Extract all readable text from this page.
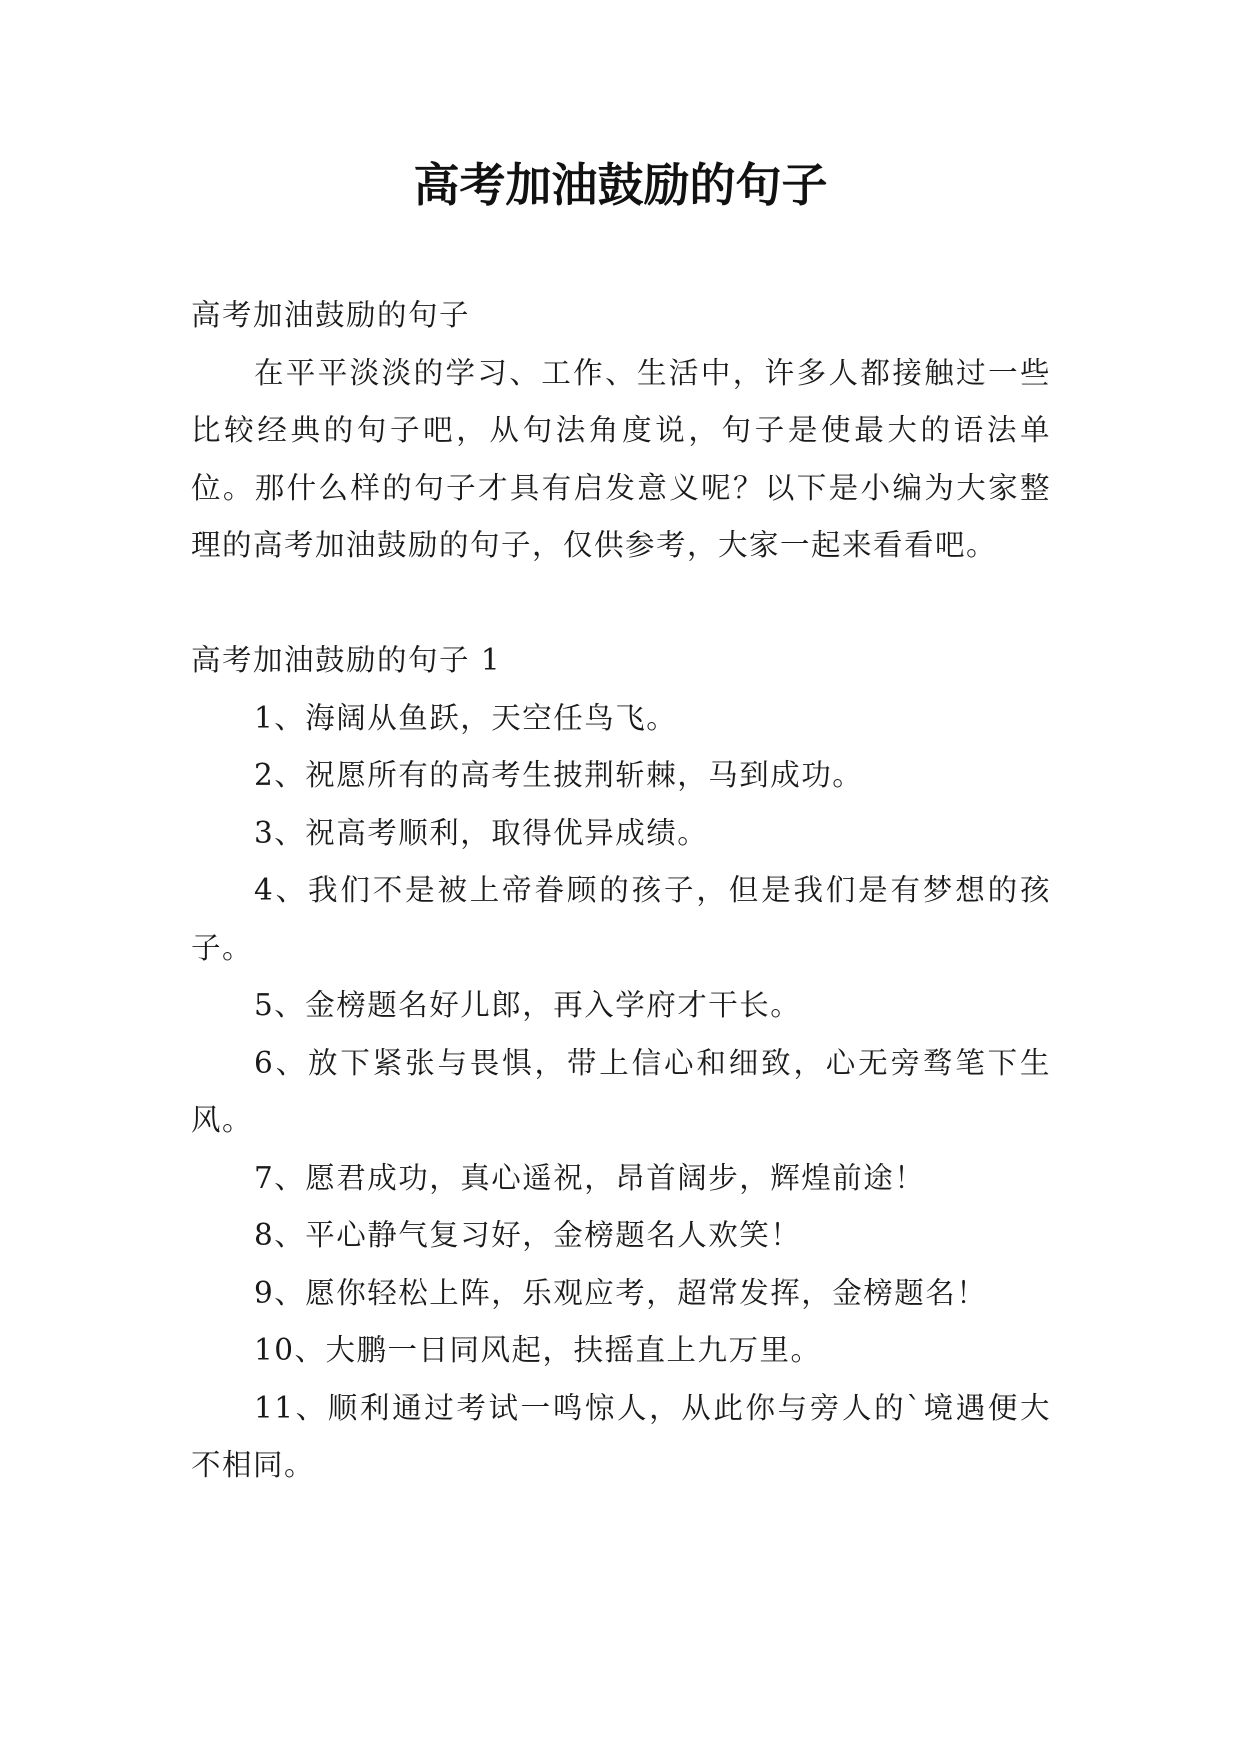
高考加油鼓励的句子

高考加油鼓励的句子

在平平淡淡的学习、工作、生活中，许多人都接触过一些比较经典的句子吧，从句法角度说，句子是使最大的语法单位。那什么样的句子才具有启发意义呢？以下是小编为大家整理的高考加油鼓励的句子，仅供参考，大家一起来看看吧。

高考加油鼓励的句子 1

1、海阔从鱼跃，天空任鸟飞。

2、祝愿所有的高考生披荆斩棘，马到成功。

3、祝高考顺利，取得优异成绩。

4、我们不是被上帝眷顾的孩子，但是我们是有梦想的孩子。

5、金榜题名好儿郎，再入学府才干长。

6、放下紧张与畏惧，带上信心和细致，心无旁骛笔下生风。

7、愿君成功，真心遥祝，昂首阔步，辉煌前途！

8、平心静气复习好，金榜题名人欢笑！

9、愿你轻松上阵，乐观应考，超常发挥，金榜题名！

10、大鹏一日同风起，扶摇直上九万里。

11、顺利通过考试一鸣惊人，从此你与旁人的`境遇便大不相同。
